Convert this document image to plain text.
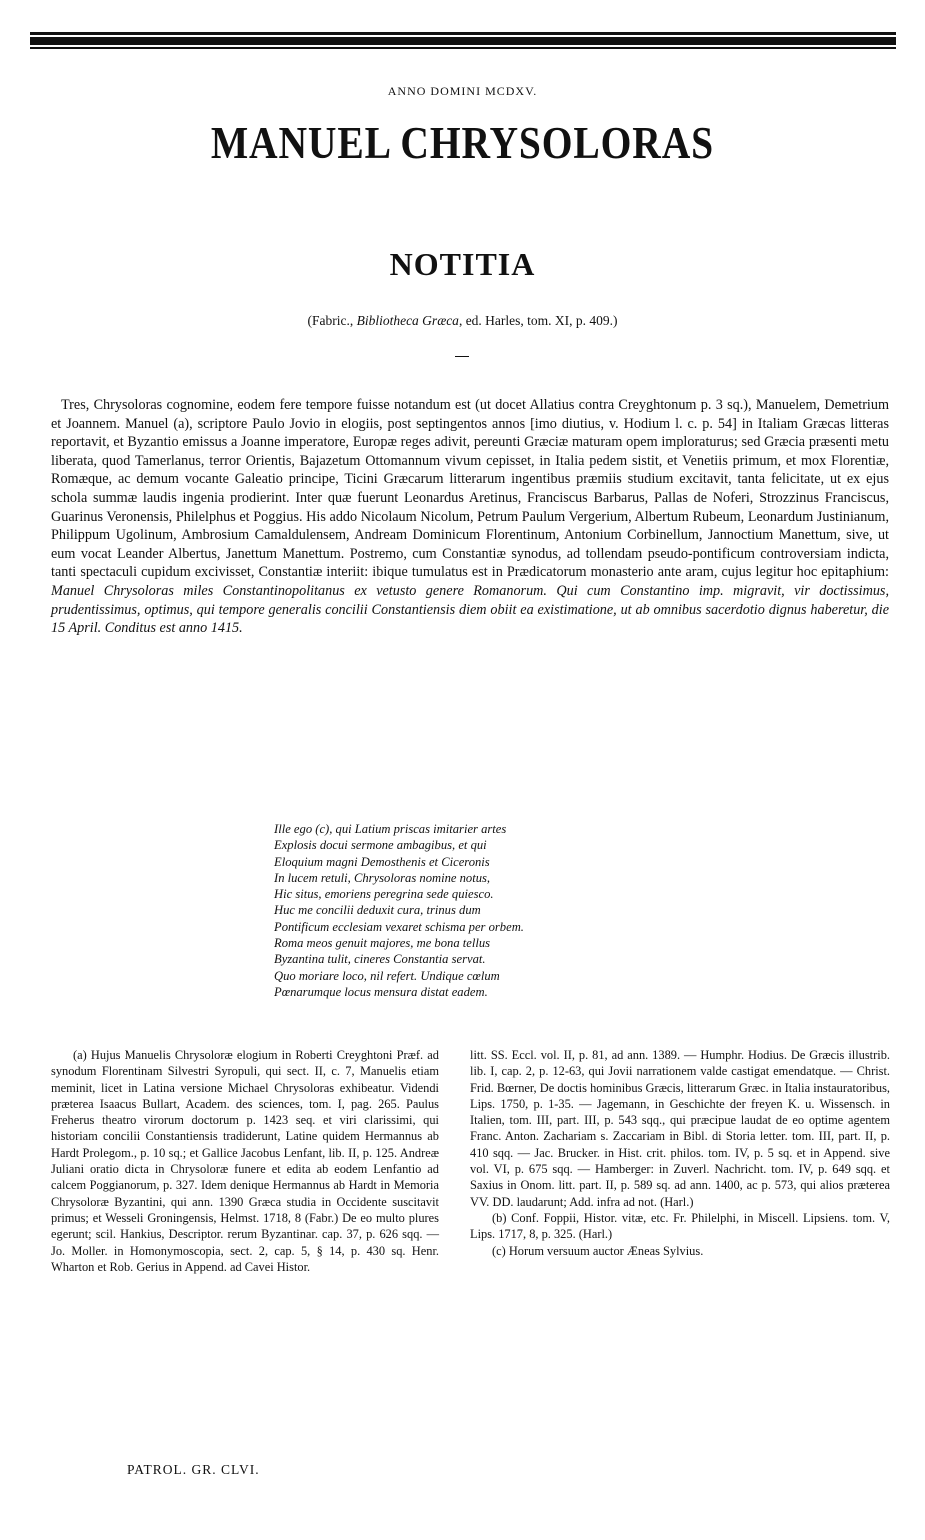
ANNO DOMINI MCDXV.
MANUEL CHRYSOLORAS
NOTITIA
(Fabric., Bibliotheca Græca, ed. Harles, tom. XI, p. 409.)
Tres, Chrysoloras cognomine, eodem fere tempore fuisse notandum est (ut docet Allatius contra Creyghtonum p. 3 sq.), Manuelem, Demetrium et Joannem. Manuel (a), scriptore Paulo Jovio in elogiis, post septingentos annos [imo diutius, v. Hodium l. c. p. 54] in Italiam Græcas litteras reportavit, et Byzantio emissus a Joanne imperatore, Europæ reges adivit, pereunti Græciæ maturam opem imploraturus; sed Græcia præsenti metu liberata, quod Tamerlanus, terror Orientis, Bajazetum Ottomannum vivum cepisset, in Italia pedem sistit, et Venetiis primum, et mox Florentiæ, Romæque, ac demum vocante Galeatio principe, Ticini Græcarum litterarum ingentibus præmiis studium excitavit, tanta felicitate, ut ex ejus schola summæ laudis ingenia prodierint. Inter quæ fuerunt Leonardus Aretinus, Franciscus Barbarus, Pallas de Noferi, Strozzinus Franciscus, Guarinus Veronensis, Philelphus et Poggius. His addo Nicolaum Nicolum, Petrum Paulum Vergerium, Albertum Rubeum, Leonardum Justinianum, Philippum Ugolinum, Ambrosium Camaldulensem, Andream Dominicum Florentinum, Antonium Corbinellum, Jannoctium Manettum, sive, ut eum vocat Leander Albertus, Janettum Manettum. Postremo, cum Constantiæ synodus, ad tollendam pseudo-pontificum controversiam indicta, tanti spectaculi cupidum excivisset, Constantiæ interiit: ibique tumulatus est in Prædicatorum monasterio ante aram, cujus legitur hoc epitaphium: Manuel Chrysoloras miles Constantinopolitanus ex vetusto genere Romanorum. Qui cum Constantino imp. migravit, vir doctissimus, prudentissimus, optimus, qui tempore generalis concilii Constantiensis diem obiit ea existimatione, ut ab omnibus sacerdotio dignus haberetur, die 15 April. Conditus est anno 1415.
Ille ego (c), qui Latium priscas imitarier artes
Explosis docui sermone ambagibus, et qui
Eloquium magni Demosthenis et Ciceronis
In lucem retuli, Chrysoloras nomine notus,
Hic situs, emoriens peregrina sede quiesco.
Huc me concilii deduxit cura, trinus dum
Pontificum ecclesiam vexaret schisma per orbem.
Roma meos genuit majores, me bona tellus
Byzantina tulit, cineres Constantia servat.
Quo moriare loco, nil refert. Undique cœlum
Pœnarumque locus mensura distat eadem.
(a) Hujus Manuelis Chrysoloræ elogium in Roberti Creyghtoni Præf. ad synodum Florentinam Silvestri Syropuli, qui sect. II, c. 7, Manuelis etiam meminit, licet in Latina versione Michael Chrysoloras exhibeatur. Videndi præterea Isaacus Bullart, Academ. des sciences, tom. I, pag. 265. Paulus Freherus theatro virorum doctorum p. 1423 seq. et viri clarissimi, qui historiam concilii Constantiensis tradiderunt, Latine quidem Hermannus ab Hardt Prolegom., p. 10 sq.; et Gallice Jacobus Lenfant, lib. II, p. 125. Andreæ Juliani oratio dicta in Chrysoloræ funere et edita ab eodem Lenfantio ad calcem Poggianorum, p. 327. Idem denique Hermannus ab Hardt in Memoria Chrysoloræ Byzantini, qui ann. 1390 Græca studia in Occidente suscitavit primus; et Wesseli Groningensis, Helmst. 1718, 8 (Fabr.) De eo multo plures egerunt; scil. Hankius, Descriptor. rerum Byzantinar. cap. 37, p. 626 sqq. — Jo. Moller. in Homonymoscopia, sect. 2, cap. 5, § 14, p. 430 sq. Henr. Wharton et Rob. Gerius in Append. ad Cavei Histor.

litt. SS. Eccl. vol. II, p. 81, ad ann. 1389. — Humphr. Hodius. De Græcis illustrib. lib. I, cap. 2, p. 12-63, qui Jovii narrationem valde castigat emendatque. — Christ. Frid. Bœrner, De doctis hominibus Græcis, litterarum Græc. in Italia instauratoribus, Lips. 1750, p. 1-35. — Jagemann, in Geschichte der freyen K. u. Wissensch. in Italien, tom. III, part. III, p. 543 sqq., qui præcipue laudat de eo optime agentem Franc. Anton. Zachariam s. Zaccariam in Bibl. di Storia letter. tom. III, part. II, p. 410 sqq. — Jac. Brucker. in Hist. crit. philos. tom. IV, p. 5 sq. et in Append. sive vol. VI, p. 675 sqq. — Hamberger: in Zuverl. Nachricht. tom. IV, p. 649 sqq. et Saxius in Onom. litt. part. II, p. 589 sq. ad ann. 1400, ac p. 573, qui alios præterea VV. DD. laudarunt; Add. infra ad not. (Harl.)

(b) Conf. Foppii, Histor. vitæ, etc. Fr. Philelphi, in Miscell. Lipsiens. tom. V, Lips. 1717, 8, p. 325. (Harl.)

(c) Horum versuum auctor Æneas Sylvius.

PATROL. GR. CLVI.
